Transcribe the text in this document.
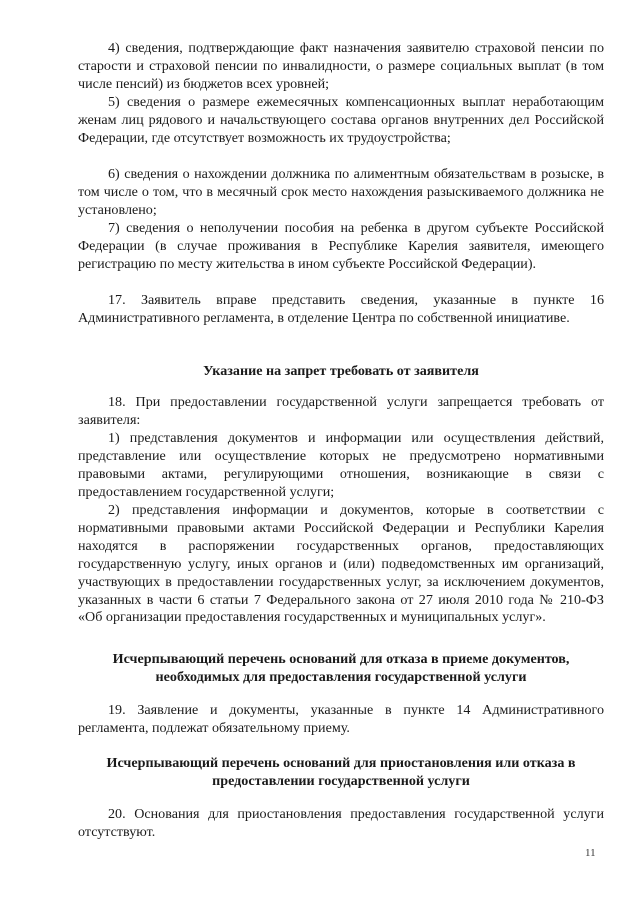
4) сведения, подтверждающие факт назначения заявителю страховой пенсии по старости и страховой пенсии по инвалидности, о размере социальных выплат (в том числе пенсий) из бюджетов всех уровней;

5) сведения о размере ежемесячных компенсационных выплат неработающим женам лиц рядового и начальствующего состава органов внутренних дел Российской Федерации, где отсутствует возможность их трудоустройства;

6) сведения о нахождении должника по алиментным обязательствам в розыске, в том числе о том, что в месячный срок место нахождения разыскиваемого должника не установлено;

7) сведения о неполучении пособия на ребенка в другом субъекте Российской Федерации (в случае проживания в Республике Карелия заявителя, имеющего регистрацию по месту жительства в ином субъекте Российской Федерации).

17. Заявитель вправе представить сведения, указанные в пункте 16 Административного регламента, в отделение Центра по собственной инициативе.

Указание на запрет требовать от заявителя

18. При предоставлении государственной услуги запрещается требовать от заявителя:

1) представления документов и информации или осуществления действий, представление или осуществление которых не предусмотрено нормативными правовыми актами, регулирующими отношения, возникающие в связи с предоставлением государственной услуги;

2) представления информации и документов, которые в соответствии с нормативными правовыми актами Российской Федерации и Республики Карелия находятся в распоряжении государственных органов, предоставляющих государственную услугу, иных органов и (или) подведомственных им организаций, участвующих в предоставлении государственных услуг, за исключением документов, указанных в части 6 статьи 7 Федерального закона от 27 июля 2010 года № 210-ФЗ «Об организации предоставления государственных и муниципальных услуг».

Исчерпывающий перечень оснований для отказа в приеме документов, необходимых для предоставления государственной услуги

19. Заявление и документы, указанные в пункте 14 Административного регламента, подлежат обязательному приему.

Исчерпывающий перечень оснований для приостановления или отказа в предоставлении государственной услуги

20. Основания для приостановления предоставления государственной услуги отсутствуют.

11
